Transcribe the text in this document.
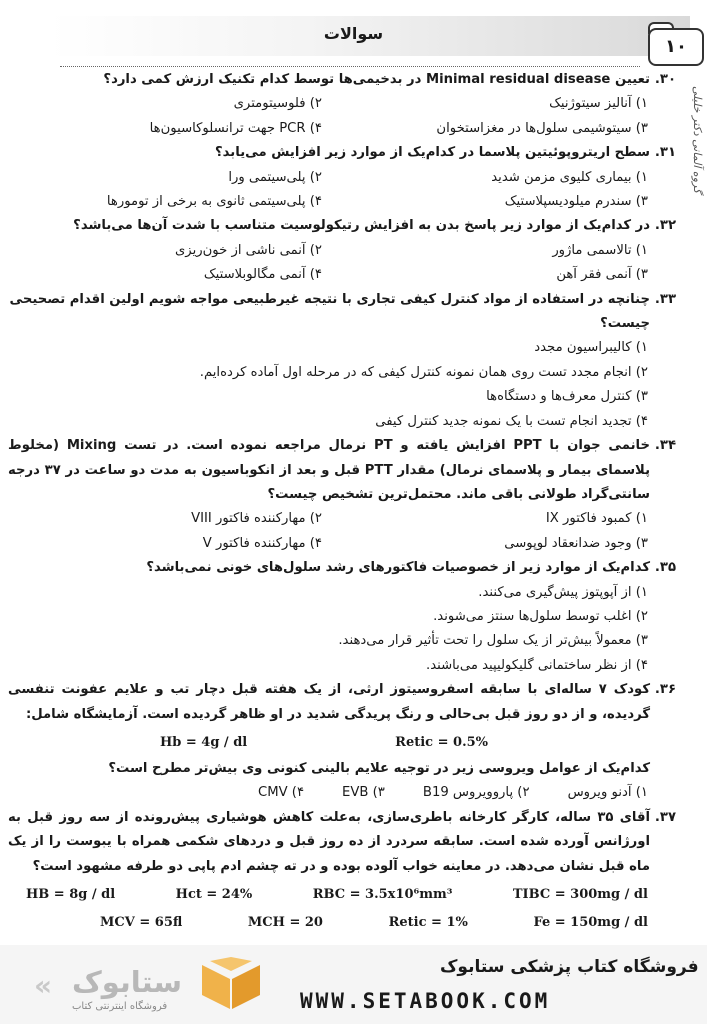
سوالات
۱۰
گروه آلمانی دکتر خلیلی
۳۰.
تعیین Minimal residual disease در بدخیمی‌ها توسط کدام تکنیک ارزش کمی دارد؟
۱) آنالیز سیتوژنیک
۲) فلوسیتومتری
۳) سیتوشیمی سلول‌ها در مغزاستخوان
۴) PCR جهت ترانسلوکاسیون‌ها
۳۱.
سطح اریتروپوئیتین پلاسما در کدام‌یک از موارد زیر افزایش می‌یابد؟
۱) بیماری کلیوی مزمن شدید
۲) پلی‌سیتمی ورا
۳) سندرم میلودیسپلاستیک
۴) پلی‌سیتمی ثانوی به برخی از تومورها
۳۲.
در کدام‌یک از موارد زیر پاسخ بدن به افزایش رتیکولوسیت متناسب با شدت آن‌ها می‌باشد؟
۱) تالاسمی ماژور
۲) آنمی ناشی از خون‌ریزی
۳) آنمی فقر آهن
۴) آنمی مگالوبلاستیک
۳۳.
چنانچه در استفاده از مواد کنترل کیفی تجاری با نتیجه غیرطبیعی مواجه شویم اولین اقدام تصحیحی چیست؟
۱) کالیبراسیون مجدد
۲) انجام مجدد تست روی همان نمونه کنترل کیفی که در مرحله اول آماده کرده‌ایم.
۳) کنترل معرف‌ها و دستگاه‌ها
۴) تجدید انجام تست با یک نمونه جدید کنترل کیفی
۳۴.
خانمی جوان با PPT افزایش یافته و PT نرمال مراجعه نموده است. در تست Mixing (مخلوط پلاسمای بیمار و پلاسمای نرمال) مقدار PTT قبل و بعد از انکوباسیون به مدت دو ساعت در ۳۷ درجه سانتی‌گراد طولانی باقی ماند. محتمل‌ترین تشخیص چیست؟
۱) کمبود فاکتور IX
۲) مهارکننده فاکتور VIII
۳) وجود ضدانعقاد لوپوسی
۴) مهارکننده فاکتور V
۳۵.
کدام‌یک از موارد زیر از خصوصیات فاکتورهای رشد سلول‌های خونی نمی‌باشد؟
۱) از آپوپتوز پیش‌گیری می‌کنند.
۲) اغلب توسط سلول‌ها سنتز می‌شوند.
۳) معمولاً بیش‌تر از یک سلول را تحت تأثیر قرار می‌دهند.
۴) از نظر ساختمانی گلیکولیپید می‌باشند.
۳۶.
کودک ۷ ساله‌ای با سابقه اسفروسیتوز ارثی، از یک هفته قبل دچار تب و علایم عفونت تنفسی گردیده، و از دو روز قبل بی‌حالی و رنگ پریدگی شدید در او ظاهر گردیده است. آزمایشگاه شامل:
Hb = 4g / dl	Retic = 0.5%
کدام‌یک از عوامل ویروسی زیر در توجیه علایم بالینی کنونی وی بیش‌تر مطرح است؟
۱) آدنو ویروس
۲) پاروویروس B19
۳) EVB
۴) CMV
۳۷.
آقای ۳۵ ساله، کارگر کارخانه باطری‌سازی، به‌علت کاهش هوشیاری پیش‌رونده از سه روز قبل به اورژانس آورده شده است. سابقه سردرد از ده روز قبل و دردهای شکمی همراه با یبوست را از یک ماه قبل نشان می‌دهد. در معاینه خواب آلوده بوده و در ته چشم ادم پاپی دو طرفه مشهود است؟
HB = 8g / dl	Hct = 24%	RBC = 3.5x10⁶mm³	TIBC = 300mg / dl
MCV = 65fl	MCH = 20	Retic = 1%	Fe = 150mg / dl
« ستابوک
فروشگاه اینترنتی کتاب
فروشگاه کتاب پزشکی ستابوک
WWW.SETABOOK.COM
